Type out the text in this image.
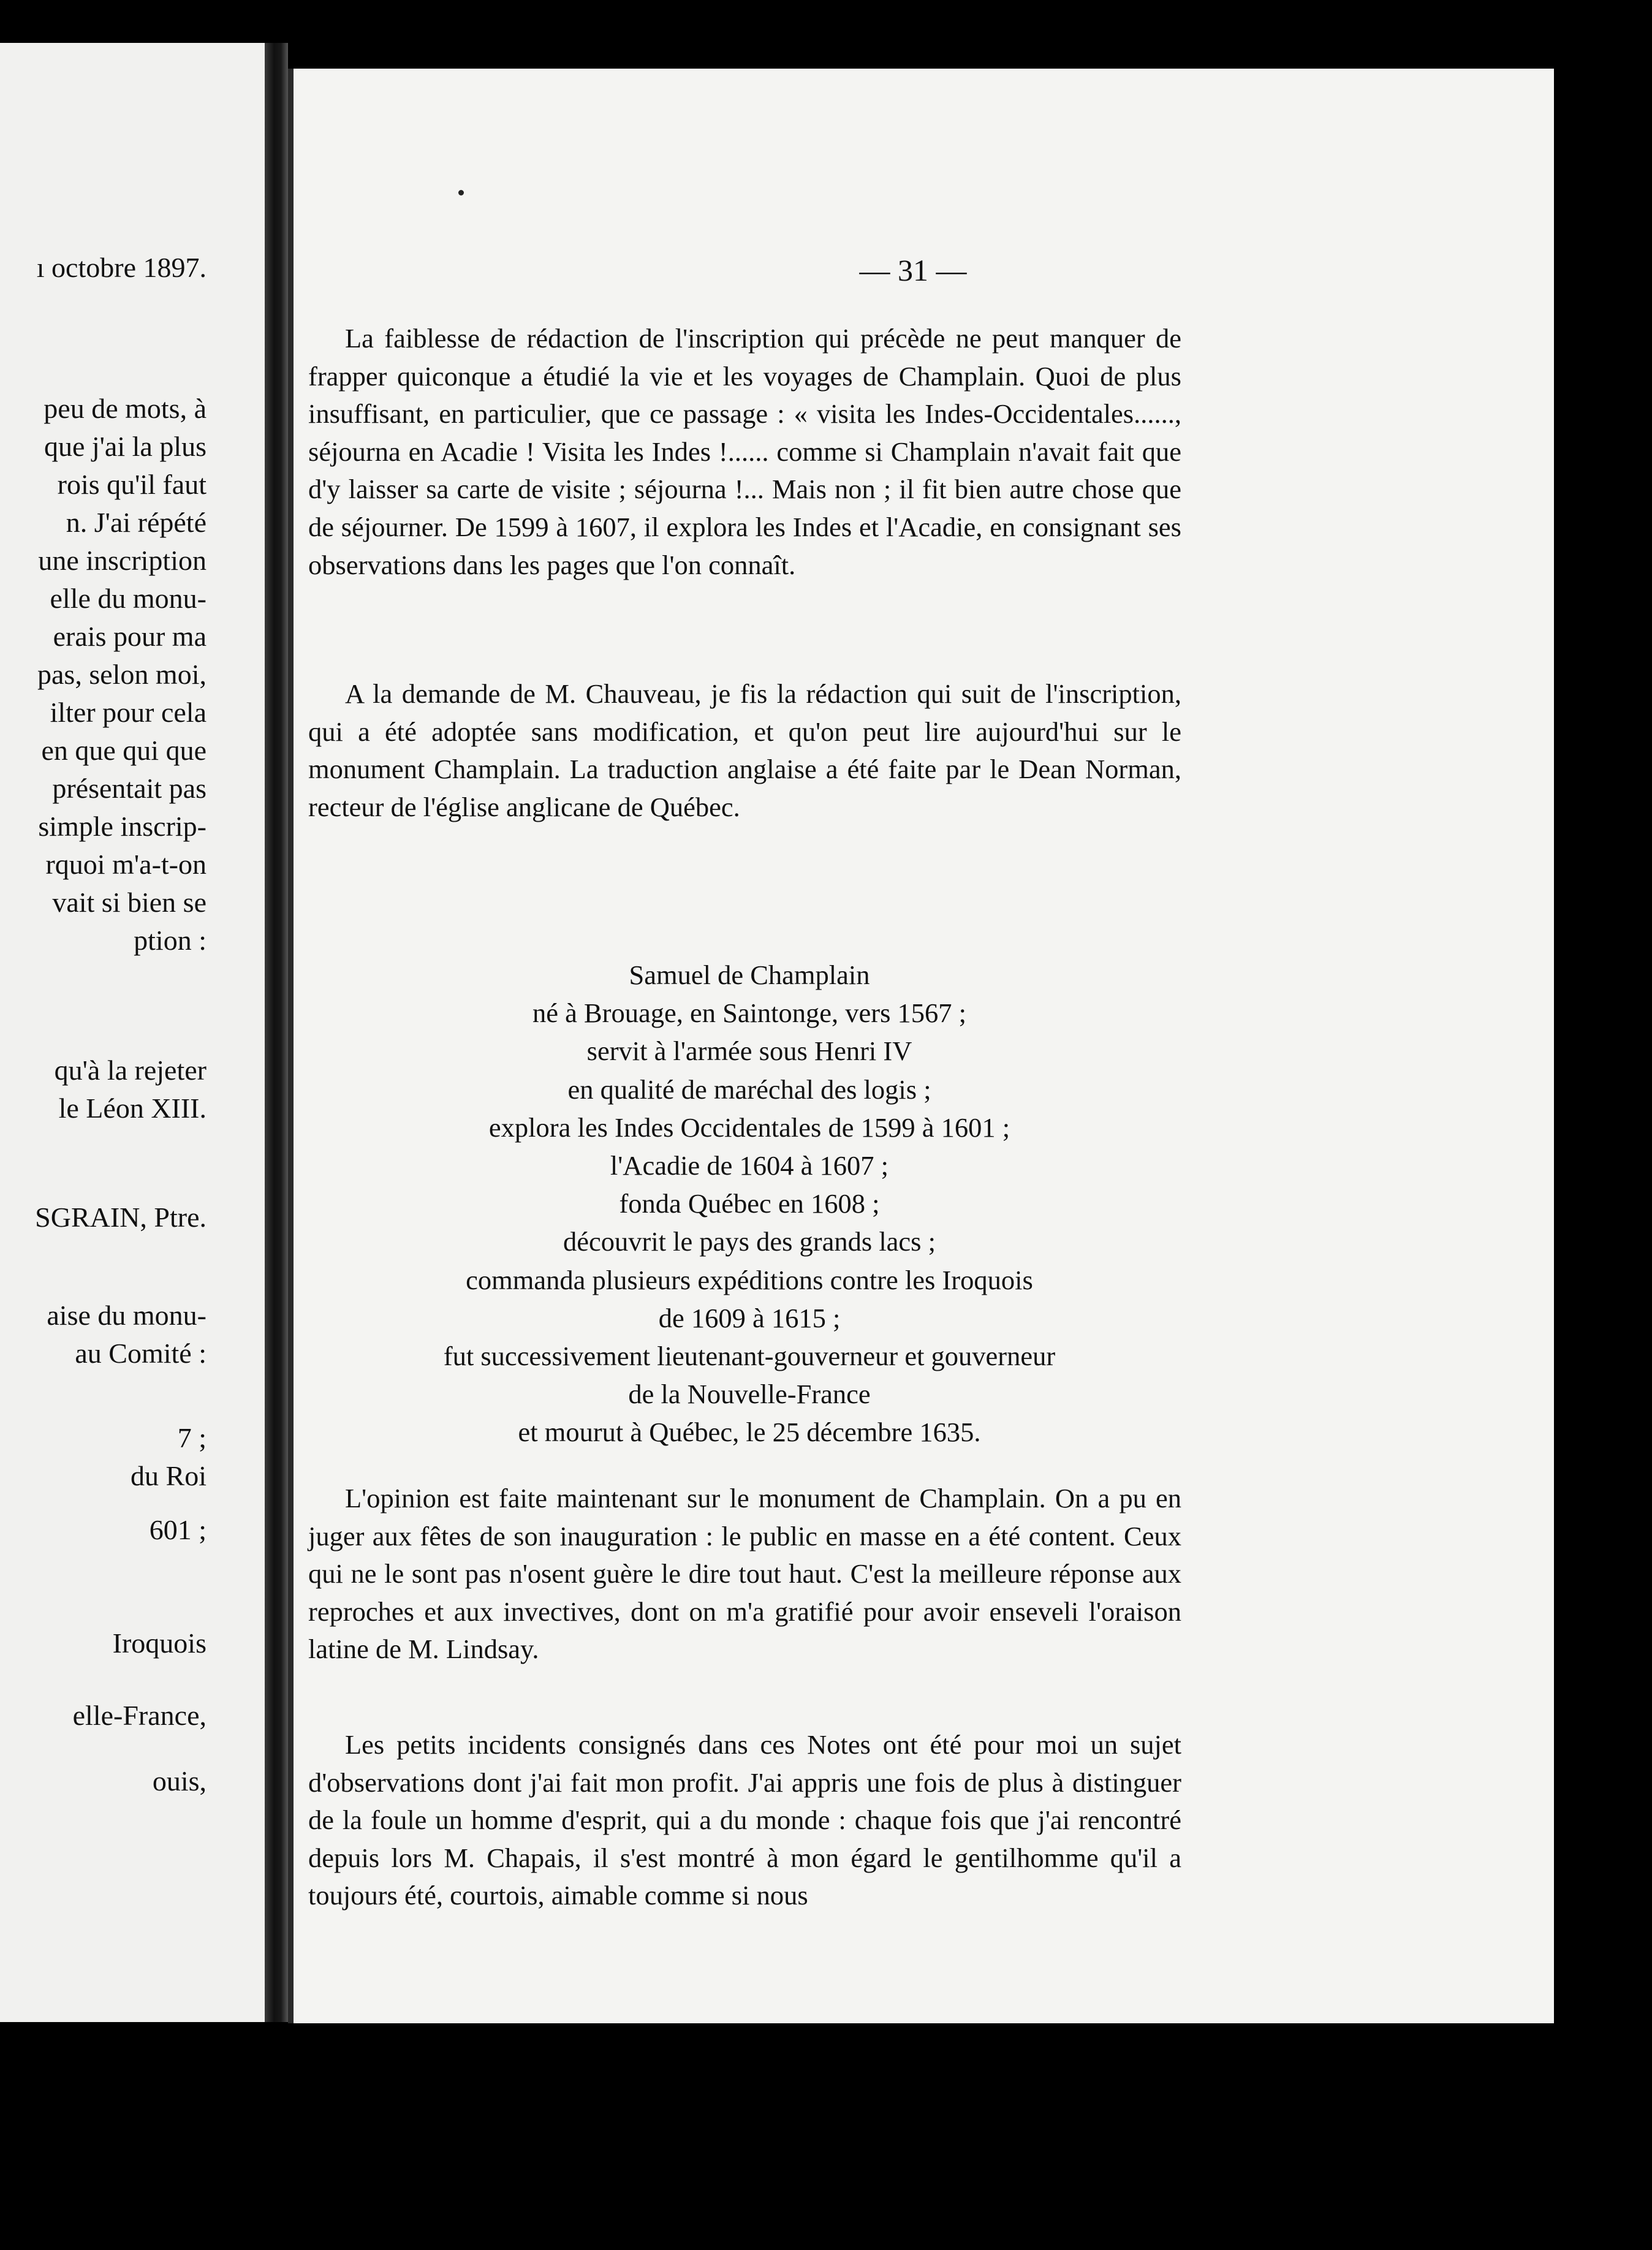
ı octobre 1897.
peu de mots, à
que j'ai la plus
rois qu'il faut
n. J'ai répété
une inscription
elle du monu-
erais pour ma
pas, selon moi,
ilter pour cela
en que qui que
présentait pas
simple inscrip-
rquoi m'a-t-on
vait si bien se
ption :
qu'à la rejeter
le Léon XIII.
SGRAIN, Ptre.
aise du monu-
au Comité :
7 ;
du Roi
601 ;
Iroquois
elle-France,
ouis,
— 31 —

La faiblesse de rédaction de l'inscription qui précède ne peut manquer de frapper quiconque a étudié la vie et les voyages de Champlain. Quoi de plus insuffisant, en particulier, que ce passage : « visita les Indes-Occidentales......, séjourna en Acadie ! Visita les Indes !...... comme si Champlain n'avait fait que d'y laisser sa carte de visite ; séjourna !... Mais non ; il fit bien autre chose que de séjourner. De 1599 à 1607, il explora les Indes et l'Acadie, en consignant ses observations dans les pages que l'on connaît.

A la demande de M. Chauveau, je fis la rédaction qui suit de l'inscription, qui a été adoptée sans modification, et qu'on peut lire aujourd'hui sur le monument Champlain. La traduction anglaise a été faite par le Dean Norman, recteur de l'église anglicane de Québec.

Samuel de Champlain
né à Brouage, en Saintonge, vers 1567 ;
servit à l'armée sous Henri IV
en qualité de maréchal des logis ;
explora les Indes Occidentales de 1599 à 1601 ;
l'Acadie de 1604 à 1607 ;
fonda Québec en 1608 ;
découvrit le pays des grands lacs ;
commanda plusieurs expéditions contre les Iroquois
de 1609 à 1615 ;
fut successivement lieutenant-gouverneur et gouverneur
de la Nouvelle-France
et mourut à Québec, le 25 décembre 1635.

L'opinion est faite maintenant sur le monument de Champlain. On a pu en juger aux fêtes de son inauguration : le public en masse en a été content. Ceux qui ne le sont pas n'osent guère le dire tout haut. C'est la meilleure réponse aux reproches et aux invectives, dont on m'a gratifié pour avoir enseveli l'oraison latine de M. Lindsay.

Les petits incidents consignés dans ces Notes ont été pour moi un sujet d'observations dont j'ai fait mon profit. J'ai appris une fois de plus à distinguer de la foule un homme d'esprit, qui a du monde : chaque fois que j'ai rencontré depuis lors M. Chapais, il s'est montré à mon égard le gentilhomme qu'il a toujours été, courtois, aimable comme si nous
